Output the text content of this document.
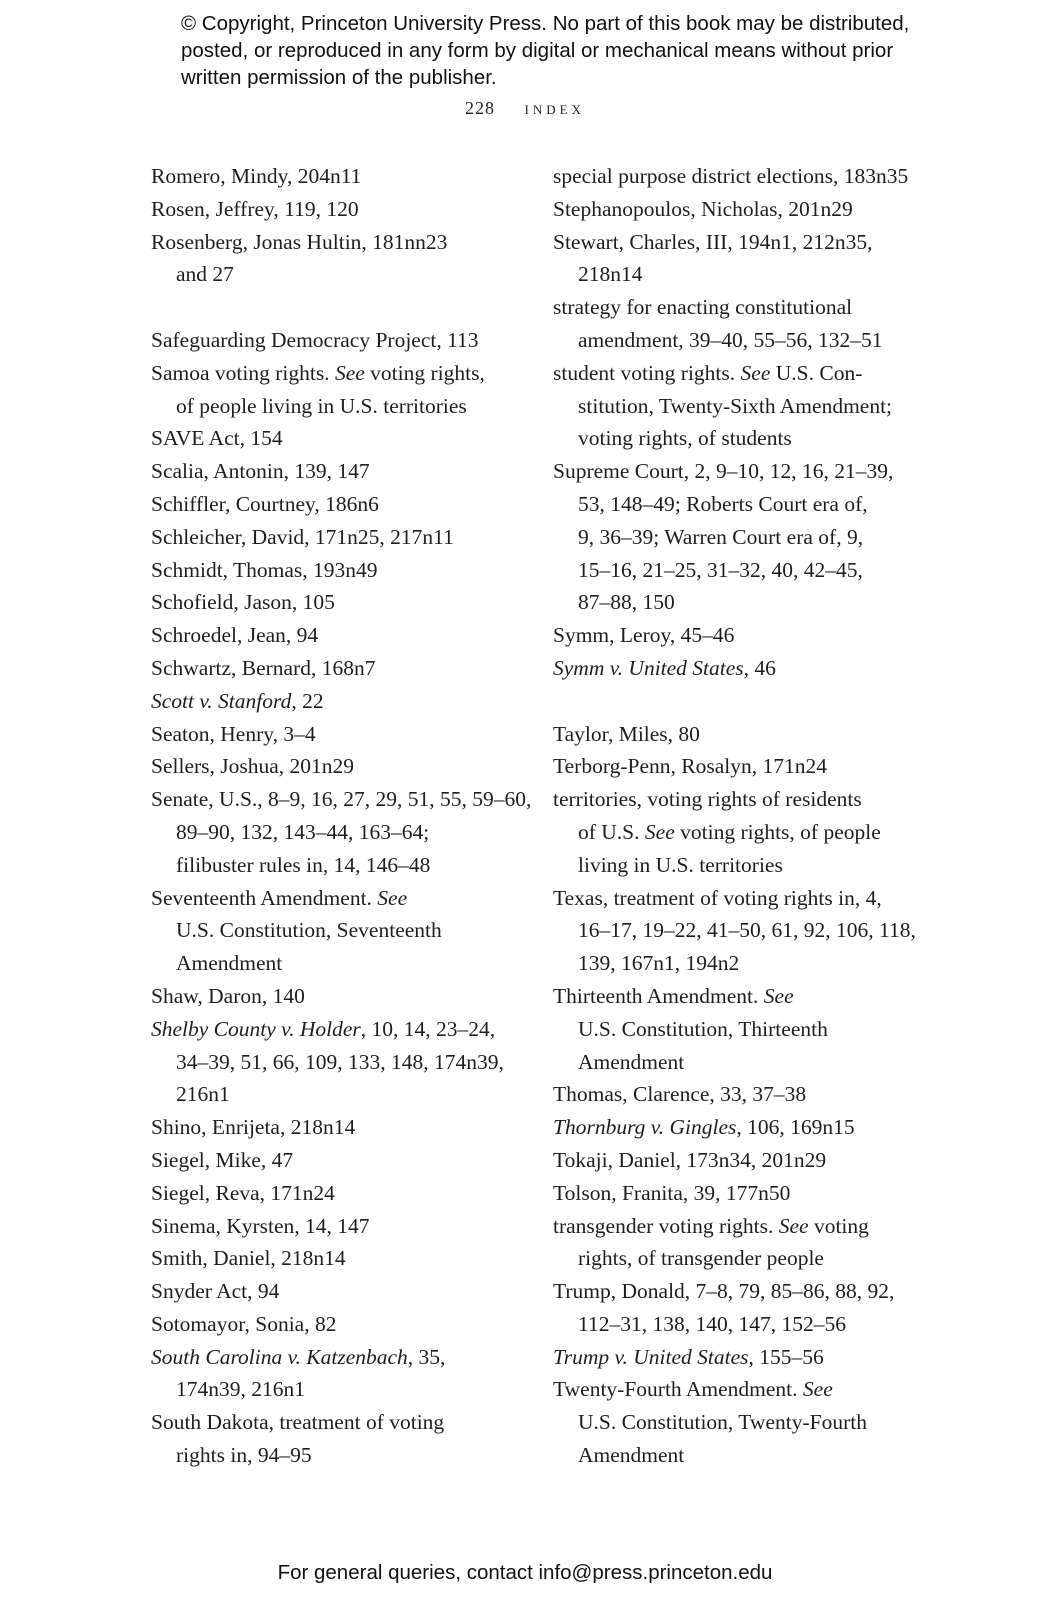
© Copyright, Princeton University Press. No part of this book may be distributed, posted, or reproduced in any form by digital or mechanical means without prior written permission of the publisher.
228 index
Romero, Mindy, 204n11
Rosen, Jeffrey, 119, 120
Rosenberg, Jonas Hultin, 181nn23
and 27
Safeguarding Democracy Project, 113
Samoa voting rights. See voting rights,
of people living in U.S. territories
SAVE Act, 154
Scalia, Antonin, 139, 147
Schiffler, Courtney, 186n6
Schleicher, David, 171n25, 217n11
Schmidt, Thomas, 193n49
Schofield, Jason, 105
Schroedel, Jean, 94
Schwartz, Bernard, 168n7
Scott v. Stanford, 22
Seaton, Henry, 3–4
Sellers, Joshua, 201n29
Senate, U.S., 8–9, 16, 27, 29, 51, 55, 59–60,
89–90, 132, 143–44, 163–64;
filibuster rules in, 14, 146–48
Seventeenth Amendment. See
U.S. Constitution, Seventeenth
Amendment
Shaw, Daron, 140
Shelby County v. Holder, 10, 14, 23–24,
34–39, 51, 66, 109, 133, 148, 174n39,
216n1
Shino, Enrijeta, 218n14
Siegel, Mike, 47
Siegel, Reva, 171n24
Sinema, Kyrsten, 14, 147
Smith, Daniel, 218n14
Snyder Act, 94
Sotomayor, Sonia, 82
South Carolina v. Katzenbach, 35,
174n39, 216n1
South Dakota, treatment of voting
rights in, 94–95
special purpose district elections, 183n35
Stephanopoulos, Nicholas, 201n29
Stewart, Charles, III, 194n1, 212n35,
218n14
strategy for enacting constitutional
amendment, 39–40, 55–56, 132–51
student voting rights. See U.S. Con-
stitution, Twenty-Sixth Amendment;
voting rights, of students
Supreme Court, 2, 9–10, 12, 16, 21–39,
53, 148–49; Roberts Court era of,
9, 36–39; Warren Court era of, 9,
15–16, 21–25, 31–32, 40, 42–45,
87–88, 150
Symm, Leroy, 45–46
Symm v. United States, 46
Taylor, Miles, 80
Terborg-Penn, Rosalyn, 171n24
territories, voting rights of residents
of U.S. See voting rights, of people
living in U.S. territories
Texas, treatment of voting rights in, 4,
16–17, 19–22, 41–50, 61, 92, 106, 118,
139, 167n1, 194n2
Thirteenth Amendment. See
U.S. Constitution, Thirteenth
Amendment
Thomas, Clarence, 33, 37–38
Thornburg v. Gingles, 106, 169n15
Tokaji, Daniel, 173n34, 201n29
Tolson, Franita, 39, 177n50
transgender voting rights. See voting
rights, of transgender people
Trump, Donald, 7–8, 79, 85–86, 88, 92,
112–31, 138, 140, 147, 152–56
Trump v. United States, 155–56
Twenty-Fourth Amendment. See
U.S. Constitution, Twenty-Fourth
Amendment
For general queries, contact info@press.princeton.edu
